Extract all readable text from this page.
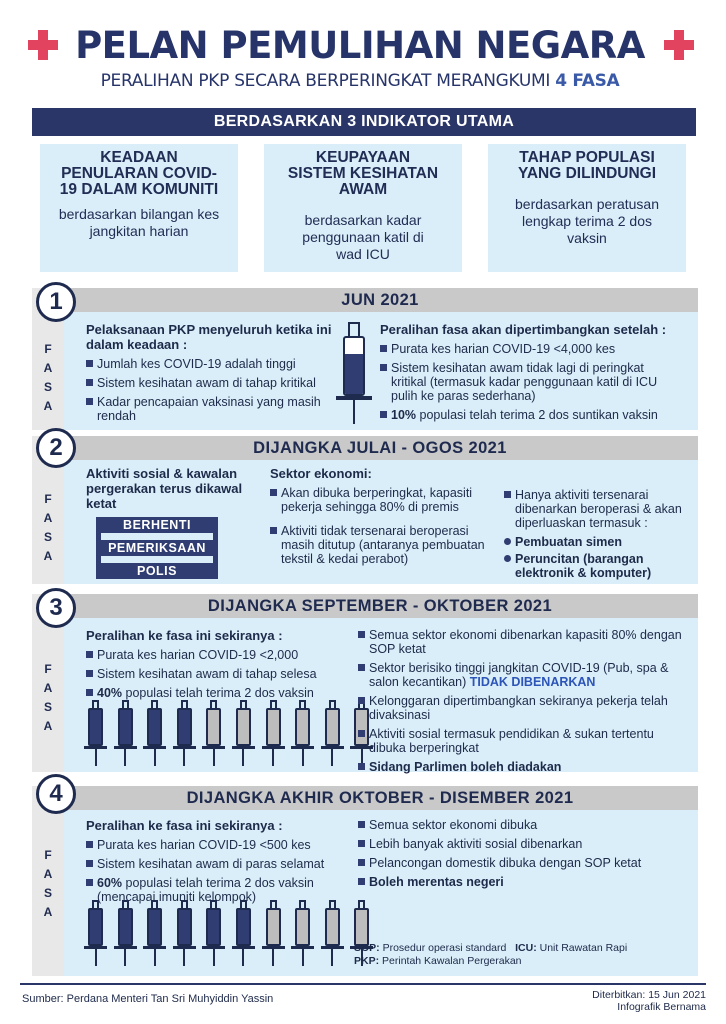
PELAN PEMULIHAN NEGARA
PERALIHAN PKP SECARA BERPERINGKAT MERANGKUMI 4 FASA
BERDASARKAN 3 INDIKATOR UTAMA
KEADAAN PENULARAN COVID-19 DALAM KOMUNITI
berdasarkan bilangan kes jangkitan harian
KEUPAYAAN SISTEM KESIHATAN AWAM
berdasarkan kadar penggunaan katil di wad ICU
TAHAP POPULASI YANG DILINDUNGI
berdasarkan peratusan lengkap terima 2 dos vaksin
JUN 2021
1
F
A
S
A
Pelaksanaan PKP menyeluruh ketika ini dalam keadaan :
Jumlah kes COVID-19 adalah tinggi
Sistem kesihatan awam di tahap kritikal
Kadar pencapaian vaksinasi yang masih rendah
Peralihan fasa akan dipertimbangkan setelah :
Purata kes harian COVID-19 <4,000 kes
Sistem kesihatan awam tidak lagi di peringkat kritikal (termasuk kadar penggunaan katil di ICU pulih ke paras sederhana)
10% populasi telah terima 2 dos suntikan vaksin
DIJANGKA JULAI - OGOS 2021
2
F
A
S
A
Aktiviti sosial & kawalan pergerakan terus dikawal ketat
BERHENTI
PEMERIKSAAN
POLIS
Sektor ekonomi:
Akan dibuka berperingkat, kapasiti pekerja sehingga 80% di premis
Aktiviti tidak tersenarai beroperasi masih ditutup (antaranya pembuatan tekstil & kedai perabot)
Hanya aktiviti tersenarai dibenarkan beroperasi & akan diperluaskan termasuk :
Pembuatan simen
Peruncitan (barangan elektronik & komputer)
DIJANGKA SEPTEMBER - OKTOBER 2021
3
F
A
S
A
Peralihan ke fasa ini sekiranya :
Purata kes harian COVID-19 <2,000
Sistem kesihatan awam di tahap selesa
40% populasi telah terima 2 dos vaksin
Semua sektor ekonomi dibenarkan kapasiti 80% dengan SOP ketat
Sektor berisiko tinggi jangkitan COVID-19 (Pub, spa & salon kecantikan) TIDAK DIBENARKAN
Kelonggaran dipertimbangkan sekiranya pekerja telah divaksinasi
Aktiviti sosial termasuk pendidikan & sukan tertentu dibuka berperingkat
Sidang Parlimen boleh diadakan
DIJANGKA AKHIR OKTOBER - DISEMBER 2021
4
F
A
S
A
Peralihan ke fasa ini sekiranya :
Purata kes harian COVID-19 <500 kes
Sistem kesihatan awam di paras selamat
60% populasi telah terima 2 dos vaksin (mencapai imuniti kelompok)
Semua sektor ekonomi dibuka
Lebih banyak aktiviti sosial dibenarkan
Pelancongan domestik dibuka dengan SOP ketat
Boleh merentas negeri
SOP: Prosedur operasi standard ICU: Unit Rawatan Rapi
PKP: Perintah Kawalan Pergerakan
Sumber: Perdana Menteri Tan Sri Muhyiddin Yassin	Diterbitkan: 15 Jun 2021
Infografik Bernama
